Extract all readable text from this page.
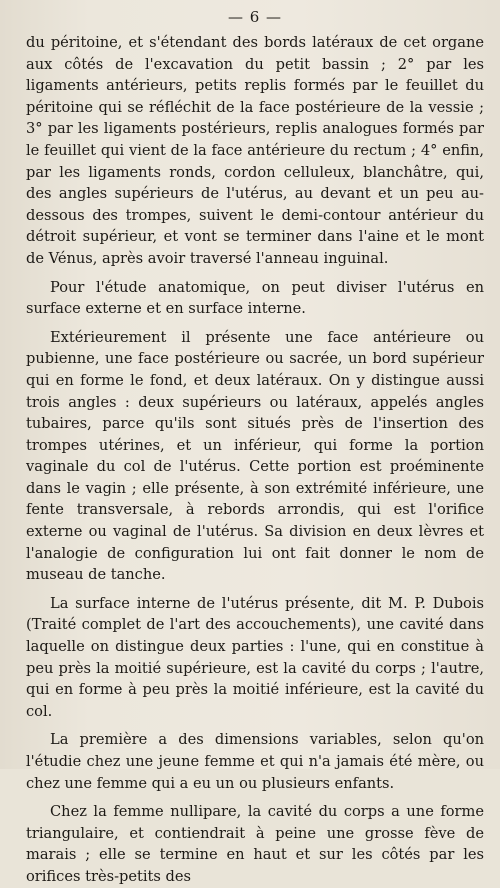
— 6 —

du péritoine, et s'étendant des bords latéraux de cet organe aux côtés de l'excavation du petit bassin ; 2° par les ligaments antérieurs, petits replis formés par le feuillet du péritoine qui se réfléchit de la face postérieure de la vessie ; 3° par les ligaments postérieurs, replis analogues formés par le feuillet qui vient de la face antérieure du rectum ; 4° enfin, par les ligaments ronds, cordon celluleux, blanchâtre, qui, des angles supérieurs de l'utérus, au devant et un peu au-dessous des trompes, suivent le demi-contour antérieur du détroit supérieur, et vont se terminer dans l'aine et le mont de Vénus, après avoir traversé l'anneau inguinal.

Pour l'étude anatomique, on peut diviser l'utérus en surface externe et en surface interne.

Extérieurement il présente une face antérieure ou pubienne, une face postérieure ou sacrée, un bord supérieur qui en forme le fond, et deux latéraux. On y distingue aussi trois angles : deux supérieurs ou latéraux, appelés angles tubaires, parce qu'ils sont situés près de l'insertion des trompes utérines, et un inférieur, qui forme la portion vaginale du col de l'utérus. Cette portion est proéminente dans le vagin ; elle présente, à son extrémité inférieure, une fente transversale, à rebords arrondis, qui est l'orifice externe ou vaginal de l'utérus. Sa division en deux lèvres et l'analogie de configuration lui ont fait donner le nom de museau de tanche.

La surface interne de l'utérus présente, dit M. P. Dubois (Traité complet de l'art des accouchements), une cavité dans laquelle on distingue deux parties : l'une, qui en constitue à peu près la moitié supérieure, est la cavité du corps ; l'autre, qui en forme à peu près la moitié inférieure, est la cavité du col.

La première a des dimensions variables, selon qu'on l'étudie chez une jeune femme et qui n'a jamais été mère, ou chez une femme qui a eu un ou plusieurs enfants.

Chez la femme nullipare, la cavité du corps a une forme triangulaire, et contiendrait à peine une grosse fève de marais ; elle se termine en haut et sur les côtés par les orifices très-petits des
